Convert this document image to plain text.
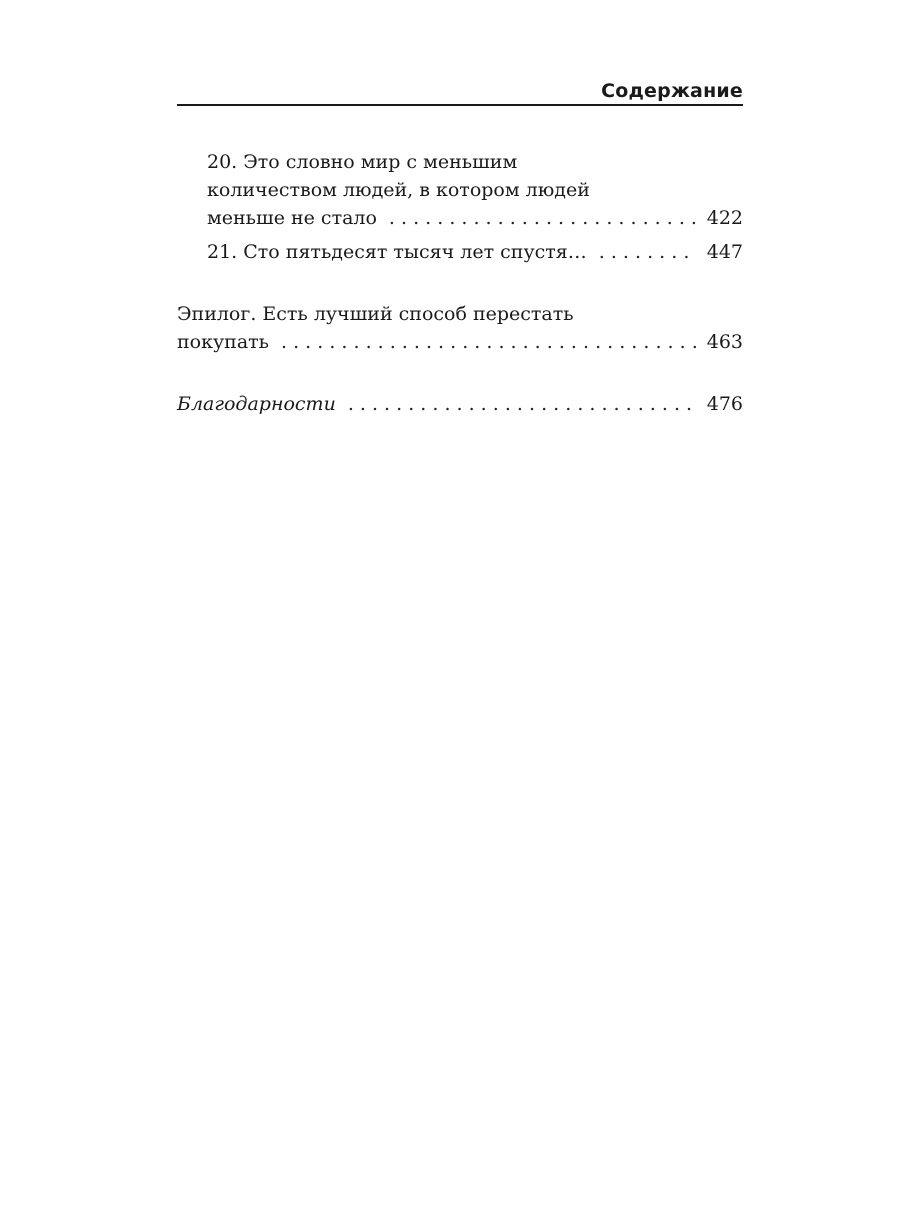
Содержание
20. Это словно мир с меньшим
количеством людей, в котором людей
меньше не стало . . .	422
21. Сто пятьдесят тысяч лет спустя… . . .	447
Эпилог. Есть лучший способ перестать
покупать . . .	463
Благодарности . . .	476
